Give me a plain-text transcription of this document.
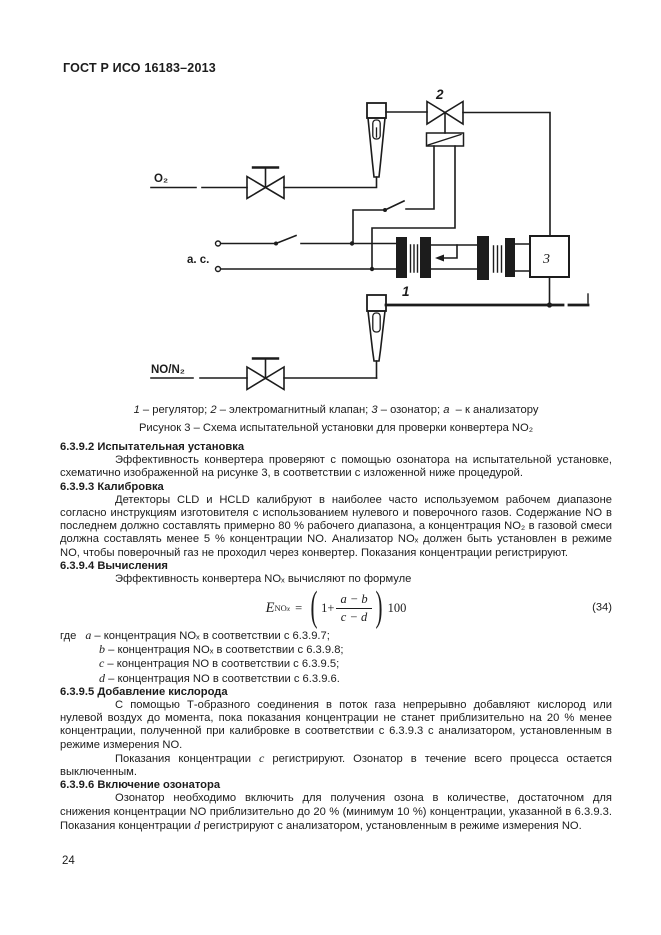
ГОСТ Р ИСО 16183–2013
O₂
2
а. с.
1
3
NO/N₂
1 – регулятор; 2 – электромагнитный клапан; 3 – озонатор; а  – к анализатору
Рисунок 3 – Схема испытательной установки для проверки конвертера NO₂

6.3.9.2 Испытательная установка

Эффективность конвертера проверяют с помощью озонатора на испытательной установке, схематично изображенной на рисунке 3, в соответствии с изложенной ниже процедурой.

6.3.9.3 Калибровка

Детекторы CLD и HCLD калибруют в наиболее часто используемом рабочем диапазоне согласно инструкциям изготовителя с использованием нулевого и поверочного газов. Содержание NO в последнем должно составлять примерно 80 % рабочего диапазона, а концентрация NO₂ в газовой смеси должна составлять менее 5 % концентрации NO. Анализатор NOₓ должен быть установлен в режиме NO, чтобы поверочный газ не проходил через конвертер. Показания концентрации регистрируют.

6.3.9.4 Вычисления

Эффективность конвертера NOₓ вычисляют по формуле

E NO x = ( $1+ \frac{a - b}{c - d}$ ) 100	(34)
где a – концентрация NOₓ в соответствии с 6.3.9.7;
b – концентрация NOₓ в соответствии с 6.3.9.8;
c – концентрация NO в соответствии с 6.3.9.5;
d – концентрация NO в соответствии с 6.3.9.6.

6.3.9.5 Добавление кислорода

С помощью Т-образного соединения в поток газа непрерывно добавляют кислород или нулевой воздух до момента, пока показания концентрации не станет приблизительно на 20 % менее концентрации, полученной при калибровке в соответствии с 6.3.9.3 с анализатором, установленным в режиме измерения NO.

Показания концентрации с регистрируют. Озонатор в течение всего процесса остается выключенным.

6.3.9.6 Включение озонатора

Озонатор необходимо включить для получения озона в количестве, достаточном для снижения концентрации NO приблизительно до 20 % (минимум 10 %) концентрации, указанной в 6.3.9.3. Показания концентрации d регистрируют с анализатором, установленным в режиме измерения NO.

24
